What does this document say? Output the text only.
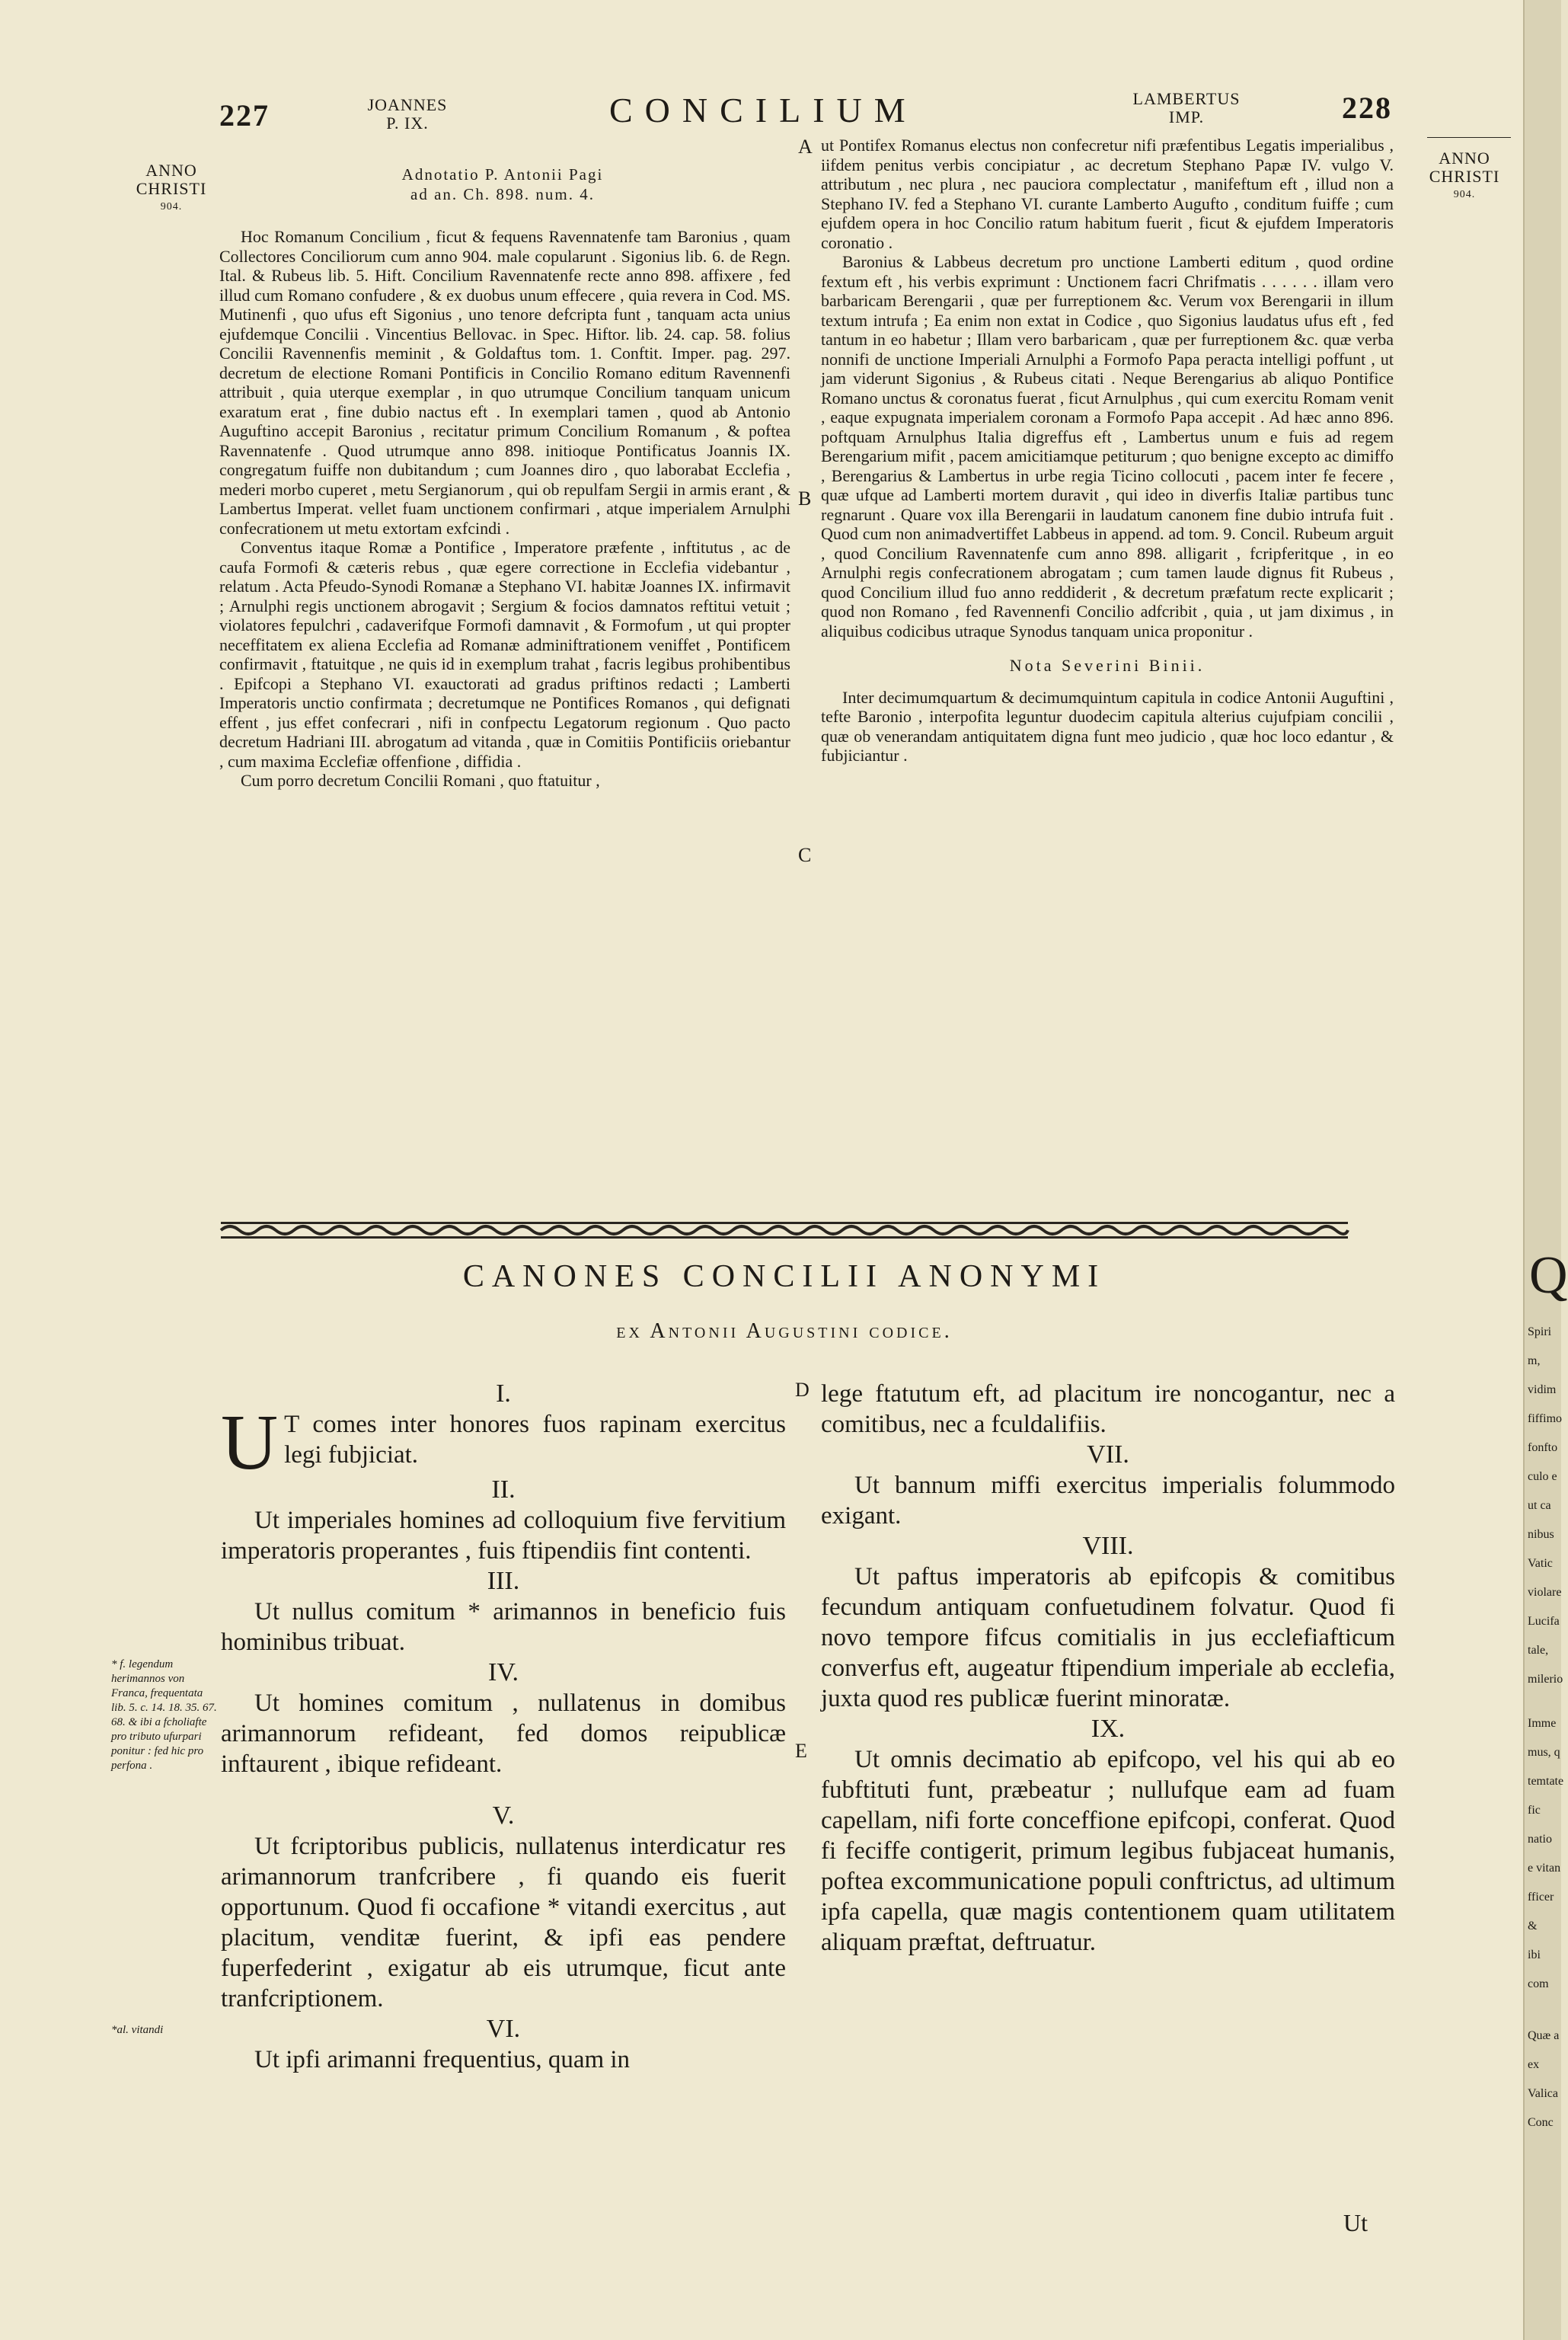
227	JOANNES
P. IX.	CONCILIUM	LAMBERTUS
IMP.	228
ANNO
CHRISTI
904.
ANNO
CHRISTI
904.
Adnotatio P. Antonii Pagi
ad an. Ch. 898. num. 4.

Hoc Romanum Concilium , ficut & fequens Ravennatenfe tam Baronius , quam Collectores Conciliorum cum anno 904. male copularunt . Sigonius lib. 6. de Regn. Ital. & Rubeus lib. 5. Hift. Concilium Ravennatenfe recte anno 898. affixere , fed illud cum Romano confudere , & ex duobus unum effecere , quia revera in Cod. MS. Mutinenfi , quo ufus eft Sigonius , uno tenore defcripta funt , tanquam acta unius ejufdemque Concilii . Vincentius Bellovac. in Spec. Hiftor. lib. 24. cap. 58. folius Concilii Ravennenfis meminit , & Goldaftus tom. 1. Conftit. Imper. pag. 297. decretum de electione Romani Pontificis in Concilio Romano editum Ravennenfi attribuit , quia uterque exemplar , in quo utrumque Concilium tanquam unicum exaratum erat , fine dubio nactus eft . In exemplari tamen , quod ab Antonio Auguftino accepit Baronius , recitatur primum Concilium Romanum , & poftea Ravennatenfe . Quod utrumque anno 898. initioque Pontificatus Joannis IX. congregatum fuiffe non dubitandum ; cum Joannes diro , quo laborabat Ecclefia , mederi morbo cuperet , metu Sergianorum , qui ob repulfam Sergii in armis erant , & Lambertus Imperat. vellet fuam unctionem confirmari , atque imperialem Arnulphi confecrationem ut metu extortam exfcindi .

Conventus itaque Romæ a Pontifice , Imperatore præfente , inftitutus , ac de caufa Formofi & cæteris rebus , quæ egere correctione in Ecclefia videbantur , relatum . Acta Pfeudo-Synodi Romanæ a Stephano VI. habitæ Joannes IX. infirmavit ; Arnulphi regis unctionem abrogavit ; Sergium & focios damnatos reftitui vetuit ; violatores fepulchri , cadaverifque Formofi damnavit , & Formofum , ut qui propter neceffitatem ex aliena Ecclefia ad Romanæ adminiftrationem veniffet , Pontificem confirmavit , ftatuitque , ne quis id in exemplum trahat , facris legibus prohibentibus . Epifcopi a Stephano VI. exauctorati ad gradus priftinos redacti ; Lamberti Imperatoris unctio confirmata ; decretumque ne Pontifices Romanos , qui defignati effent , jus effet confecrari , nifi in confpectu Legatorum regionum . Quo pacto decretum Hadriani III. abrogatum ad vitanda , quæ in Comitiis Pontificiis oriebantur , cum maxima Ecclefiæ offenfione , diffidia .

Cum porro decretum Concilii Romani , quo ftatuitur ,

A
B
C
D
E

ut Pontifex Romanus electus non confecretur nifi præfentibus Legatis imperialibus , iifdem penitus verbis concipiatur , ac decretum Stephano Papæ IV. vulgo V. attributum , nec plura , nec pauciora complectatur , manifeftum eft , illud non a Stephano IV. fed a Stephano VI. curante Lamberto Augufto , conditum fuiffe ; cum ejufdem opera in hoc Concilio ratum habitum fuerit , ficut & ejufdem Imperatoris coronatio .

Baronius & Labbeus decretum pro unctione Lamberti editum , quod ordine fextum eft , his verbis exprimunt : Unctionem facri Chrifmatis . . . . . . illam vero barbaricam Berengarii , quæ per furreptionem &c. Verum vox Berengarii in illum textum intrufa ; Ea enim non extat in Codice , quo Sigonius laudatus ufus eft , fed tantum in eo habetur ; Illam vero barbaricam , quæ per furreptionem &c. quæ verba nonnifi de unctione Imperiali Arnulphi a Formofo Papa peracta intelligi poffunt , ut jam viderunt Sigonius , & Rubeus citati . Neque Berengarius ab aliquo Pontifice Romano unctus & coronatus fuerat , ficut Arnulphus , qui cum exercitu Romam venit , eaque expugnata imperialem coronam a Formofo Papa accepit . Ad hæc anno 896. poftquam Arnulphus Italia digreffus eft , Lambertus unum e fuis ad regem Berengarium mifit , pacem amicitiamque petiturum ; quo benigne excepto ac dimiffo , Berengarius & Lambertus in urbe regia Ticino collocuti , pacem inter fe fecere , quæ ufque ad Lamberti mortem duravit , qui ideo in diverfis Italiæ partibus tunc regnarunt . Quare vox illa Berengarii in laudatum canonem fine dubio intrufa fuit . Quod cum non animadvertiffet Labbeus in append. ad tom. 9. Concil. Rubeum arguit , quod Concilium Ravennatenfe cum anno 898. alligarit , fcripferitque , in eo Arnulphi regis confecrationem abrogatam ; cum tamen laude dignus fit Rubeus , quod Concilium illud fuo anno reddiderit , & decretum præfatum recte explicarit ; quod non Romano , fed Ravennenfi Concilio adfcribit , quia , ut jam diximus , in aliquibus codicibus utraque Synodus tanquam unica proponitur .

Nota Severini Binii.

Inter decimumquartum & decimumquintum capitula in codice Antonii Auguftini , tefte Baronio , interpofita leguntur duodecim capitula alterius cujufpiam concilii , quæ ob venerandam antiquitatem digna funt meo judicio , quæ hoc loco edantur , & fubjiciantur .

CANONES CONCILII ANONYMI
ex Antonii Augustini codice.
I.

U T comes inter honores fuos rapinam exercitus legi fubjiciat.

II.

Ut imperiales homines ad colloquium five fervitium imperatoris properantes , fuis ftipendiis fint contenti.

III.

Ut nullus comitum * arimannos in beneficio fuis hominibus tribuat.

IV.

Ut homines comitum , nullatenus in domibus arimannorum refideant, fed domos reipublicæ inftaurent , ibique refideant.

V.

Ut fcriptoribus publicis, nullatenus interdicatur res arimannorum tranfcribere , fi quando eis fuerit opportunum. Quod fi occafione * vitandi exercitus , aut placitum, venditæ fuerint, & ipfi eas pendere fuperfederint , exigatur ab eis utrumque, ficut ante tranfcriptionem.

VI.

Ut ipfi arimanni frequentius, quam in

lege ftatutum eft, ad placitum ire noncogantur, nec a comitibus, nec a fculdalifiis.

VII.

Ut bannum miffi exercitus imperialis folummodo exigant.

VIII.

Ut paftus imperatoris ab epifcopis & comitibus fecundum antiquam confuetudinem folvatur. Quod fi novo tempore fifcus comitialis in jus ecclefiafticum converfus eft, augeatur ftipendium imperiale ab ecclefia, juxta quod res publicæ fuerint minoratæ.

IX.

Ut omnis decimatio ab epifcopo, vel his qui ab eo fubftituti funt, præbeatur ; nullufque eam ad fuam capellam, nifi forte conceffione epifcopi, conferat. Quod fi feciffe contigerit, primum legibus fubjaceat humanis, poftea excommunicatione populi conftrictus, ad ultimum ipfa capella, quæ magis contentionem quam utilitatem aliquam præftat, deftruatur.

* f. legendum herimannos von Franca, frequentata lib. 5. c. 14. 18. 35. 67. 68. & ibi a fcholiafte pro tributo ufurpari ponitur : fed hic pro perfona .
*al. vitandi
Ut
Q
Spiri
m,
vidim
fiffimo
fonfto
culo e
ut ca
nibus
Vatic
violare
Lucifa
tale,
milerio
Imme
mus, q
temtate
fic natio
e vitan
fficer &
ibi com
Quæ a
ex Valica
Conc
